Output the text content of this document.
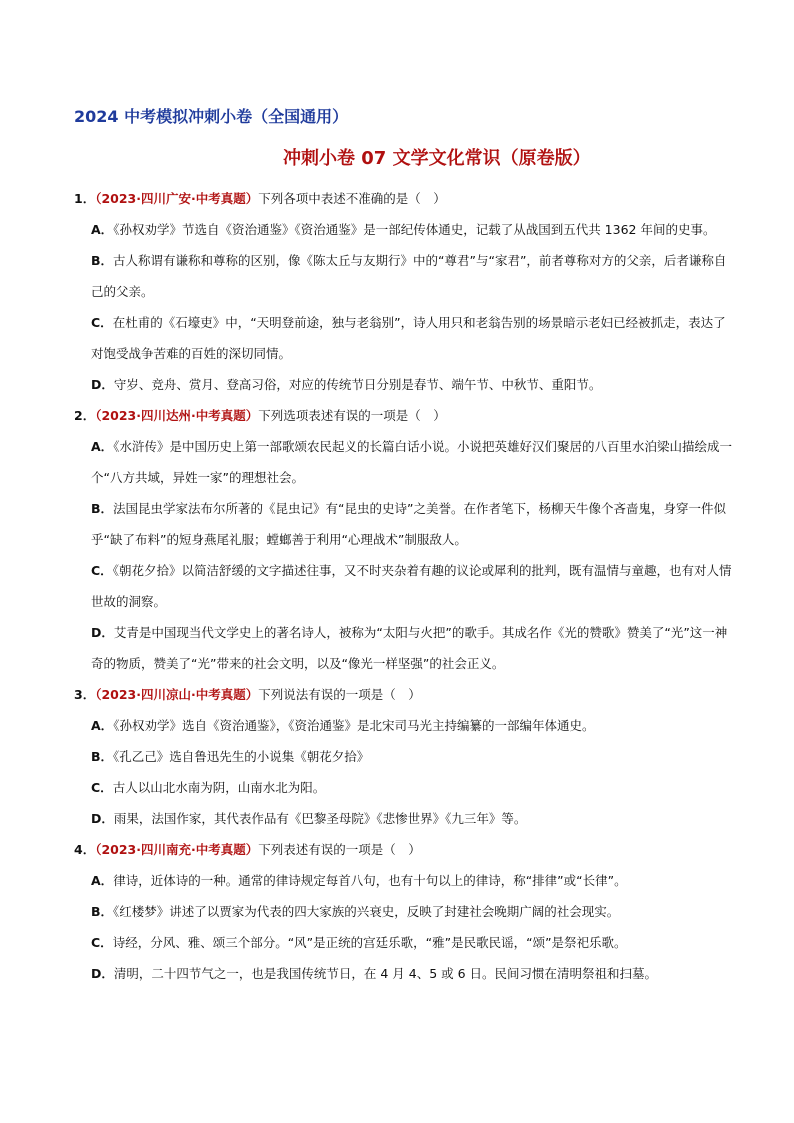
2024 中考模拟冲刺小卷（全国通用）
冲刺小卷 07 文学文化常识（原卷版）
1．（2023·四川广安·中考真题）下列各项中表述不准确的是（　）
A．《孙权劝学》节选自《资治通鉴》《资治通鉴》是一部纪传体通史，记载了从战国到五代共 1362 年间的史事。
B．古人称谓有谦称和尊称的区别，像《陈太丘与友期行》中的“尊君”与“家君”，前者尊称对方的父亲，后者谦称自己的父亲。
C．在杜甫的《石壕吏》中，“天明登前途，独与老翁别”，诗人用只和老翁告别的场景暗示老妇已经被抓走，表达了对饱受战争苦难的百姓的深切同情。
D．守岁、竞舟、赏月、登高习俗，对应的传统节日分别是春节、端午节、中秋节、重阳节。
2．（2023·四川达州·中考真题）下列选项表述有误的一项是（　）
A．《水浒传》是中国历史上第一部歌颂农民起义的长篇白话小说。小说把英雄好汉们聚居的八百里水泊梁山描绘成一个“八方共域，异姓一家”的理想社会。
B．法国昆虫学家法布尔所著的《昆虫记》有“昆虫的史诗”之美誉。在作者笔下，杨柳天牛像个吝啬鬼，身穿一件似乎“缺了布料”的短身燕尾礼服；螳螂善于利用“心理战术”制服敌人。
C．《朝花夕拾》以简洁舒缓的文字描述往事，又不时夹杂着有趣的议论或犀利的批判，既有温情与童趣，也有对人情世故的洞察。
D．艾青是中国现当代文学史上的著名诗人，被称为“太阳与火把”的歌手。其成名作《光的赞歌》赞美了“光”这一神奇的物质，赞美了“光”带来的社会文明，以及“像光一样坚强”的社会正义。
3．（2023·四川凉山·中考真题）下列说法有误的一项是（　）
A．《孙权劝学》选自《资治通鉴》，《资治通鉴》是北宋司马光主持编纂的一部编年体通史。
B．《孔乙己》选自鲁迅先生的小说集《朝花夕拾》
C．古人以山北水南为阴，山南水北为阳。
D．雨果，法国作家，其代表作品有《巴黎圣母院》《悲惨世界》《九三年》等。
4．（2023·四川南充·中考真题）下列表述有误的一项是（　）
A．律诗，近体诗的一种。通常的律诗规定每首八句，也有十句以上的律诗，称“排律”或“长律”。
B．《红楼梦》讲述了以贾家为代表的四大家族的兴衰史，反映了封建社会晚期广阔的社会现实。
C．诗经，分风、雅、颂三个部分。“风”是正统的宫廷乐歌，“雅”是民歌民谣，“颂”是祭祀乐歌。
D．清明，二十四节气之一，也是我国传统节日，在 4 月 4、5 或 6 日。民间习惯在清明祭祖和扫墓。
